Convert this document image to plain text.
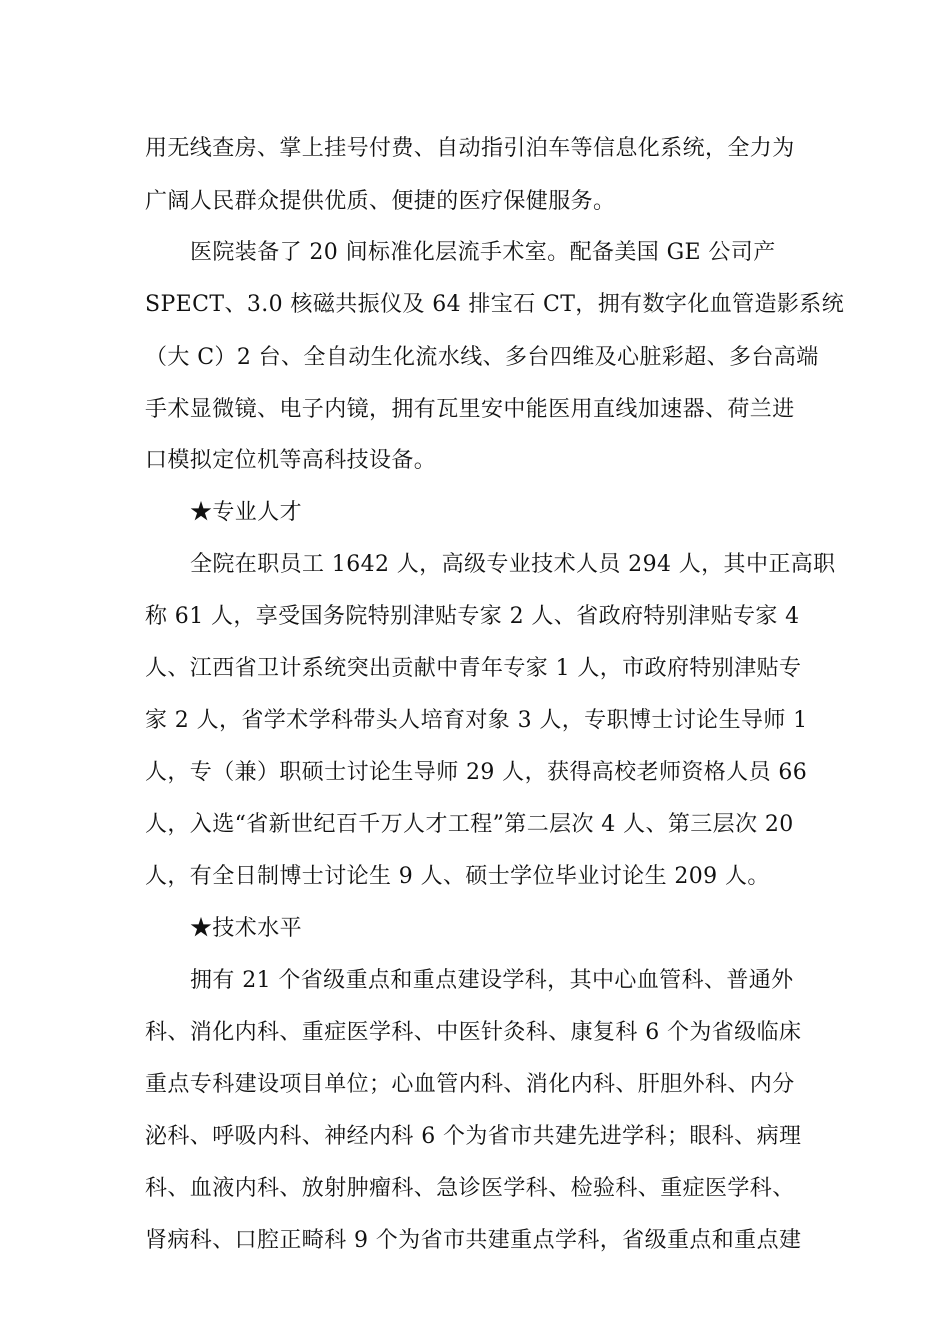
用无线查房、掌上挂号付费、自动指引泊车等信息化系统，全力为
广阔人民群众提供优质、便捷的医疗保健服务。
医院装备了 20 间标准化层流手术室。配备美国 GE 公司产
SPECT、3.0 核磁共振仪及 64 排宝石 CT，拥有数字化血管造影系统
（大 C）2 台、全自动生化流水线、多台四维及心脏彩超、多台高端
手术显微镜、电子内镜，拥有瓦里安中能医用直线加速器、荷兰进
口模拟定位机等高科技设备。
★专业人才
全院在职员工 1642 人，高级专业技术人员 294 人，其中正高职
称 61 人，享受国务院特别津贴专家 2 人、省政府特别津贴专家 4
人、江西省卫计系统突出贡献中青年专家 1 人，市政府特别津贴专
家 2 人，省学术学科带头人培育对象 3 人，专职博士讨论生导师 1
人，专（兼）职硕士讨论生导师 29 人，获得高校老师资格人员 66
人，入选“省新世纪百千万人才工程”第二层次 4 人、第三层次 20
人，有全日制博士讨论生 9 人、硕士学位毕业讨论生 209 人。
★技术水平
拥有 21 个省级重点和重点建设学科，其中心血管科、普通外
科、消化内科、重症医学科、中医针灸科、康复科 6 个为省级临床
重点专科建设项目单位；心血管内科、消化内科、肝胆外科、内分
泌科、呼吸内科、神经内科 6 个为省市共建先进学科；眼科、病理
科、血液内科、放射肿瘤科、急诊医学科、检验科、重症医学科、
肾病科、口腔正畸科 9 个为省市共建重点学科，省级重点和重点建
